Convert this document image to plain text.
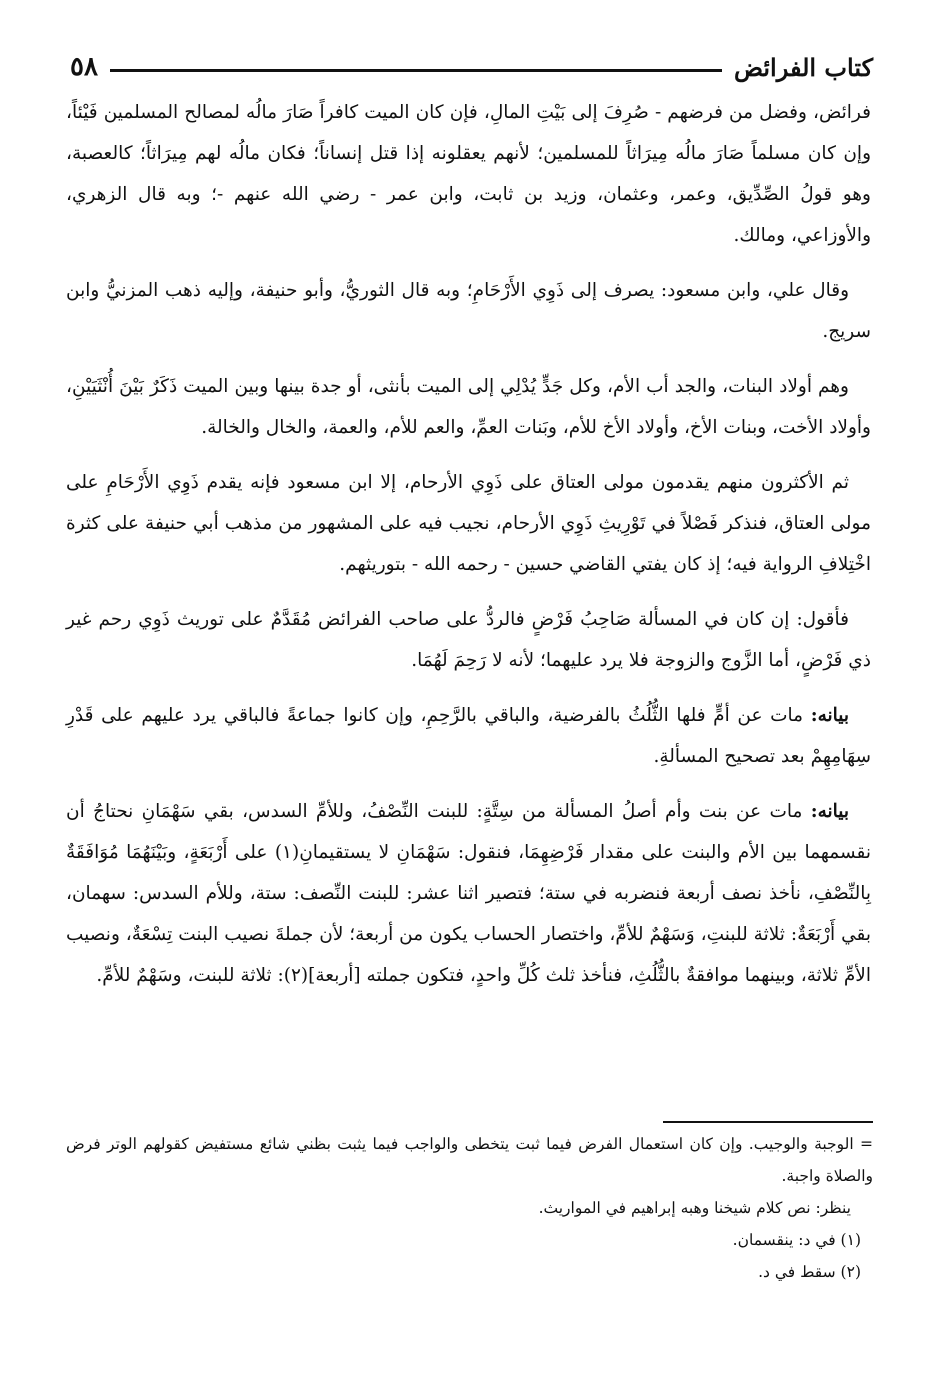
٥٨	كتاب الفرائض

فرائض، وفضل من فرضهم - صُرِفَ إلى بَيْتِ المالِ، فإن كان الميت كافراً صَارَ مالُه لمصالح المسلمين فَيْئاً، وإن كان مسلماً صَارَ مالُه مِيرَاثاً للمسلمين؛ لأنهم يعقلونه إذا قتل إنساناً؛ فكان مالُه لهم مِيرَاثاً؛ كالعصبة، وهو قولُ الصِّدِّيق، وعمر، وعثمان، وزيد بن ثابت، وابن عمر - رضي الله عنهم -؛ وبه قال الزهري، والأوزاعي، ومالك.

وقال علي، وابن مسعود: يصرف إلى ذَوِي الأَرْحَامِ؛ وبه قال الثوريُّ، وأبو حنيفة، وإليه ذهب المزنيُّ وابن سريج.

وهم أولاد البنات، والجد أب الأم، وكل جَدٍّ يُدْلِي إلى الميت بأنثى، أو جدة بينها وبين الميت ذَكَرٌ بَيْنَ أُنْثَيَيْنِ، وأولاد الأخت، وبنات الأخ، وأولاد الأخ للأم، وبَنات العمِّ، والعم للأم، والعمة، والخال والخالة.

ثم الأكثرون منهم يقدمون مولى العتاق على ذَوِي الأرحام، إلا ابن مسعود فإنه يقدم ذَوِي الأَرْحَامِ على مولى العتاق، فنذكر فَصْلاً في تَوْرِيثِ ذَوِي الأرحام، نجيب فيه على المشهور من مذهب أبي حنيفة على كثرة اخْتِلافِ الرواية فيه؛ إذ كان يفتي القاضي حسين - رحمه الله - بتوريثهم.

فأقول: إن كان في المسألة صَاحِبُ فَرْضٍ فالردُّ على صاحب الفرائض مُقَدَّمٌ على توريث ذَوِي رحم غير ذي فَرْضٍ، أما الزَّوج والزوجة فلا يرد عليهما؛ لأنه لا رَحِمَ لَهُمَا.

بيانه: مات عن أمٍّ فلها الثُّلُثُ بالفرضية، والباقي بالرَّحِمِ، وإن كانوا جماعةً فالباقي يرد عليهم على قَدْرِ سِهَامِهِمْ بعد تصحيح المسألةِ.

بيانه: مات عن بنت وأم أصلُ المسألة من سِتَّةٍ: للبنت النِّصْفُ، وللأمِّ السدس، بقي سَهْمَانِ نحتاجُ أن نقسمهما بين الأم والبنت على مقدار فَرْضِهِمَا، فنقول: سَهْمَانِ لا يستقيمانِ(١) على أَرْبَعَةٍ، وبَيْنَهُمَا مُوَافَقَةٌ بِالنِّصْفِ، نأخذ نصف أربعة فنضربه في ستة؛ فتصير اثنا عشر: للبنت النِّصف: ستة، وللأم السدس: سهمان، بقي أَرْبَعَةٌ: ثلاثة للبنتِ، وَسَهْمٌ للأمِّ، واختصار الحساب يكون من أربعة؛ لأن جملةَ نصيب البنت تِسْعَةٌ، ونصيب الأمِّ ثلاثة، وبينهما موافقةٌ بالثُّلُثِ، فنأخذ ثلث كُلِّ واحدٍ، فتكون جملته [أربعة](٢): ثلاثة للبنت، وسَهْمٌ للأمِّ.

= الوجبة والوجيب. وإن كان استعمال الفرض فيما ثبت يتخطى والواجب فيما يثبت بظني شائع مستفيض كقولهم الوتر فرض والصلاة واجبة.

ينظر: نص كلام شيخنا وهبه إبراهيم في المواريث.

(١) في د: ينقسمان.

(٢) سقط في د.
